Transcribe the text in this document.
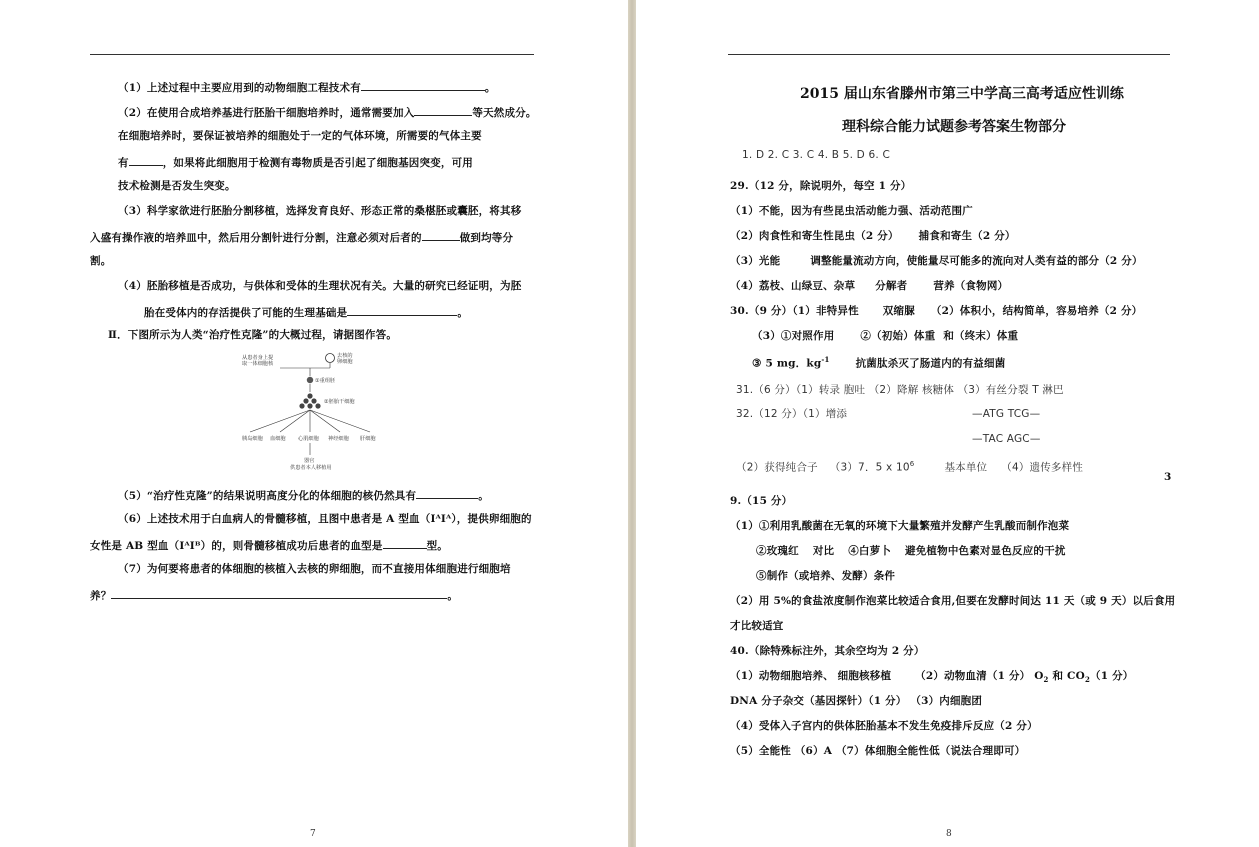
（1）上述过程中主要应用到的动物细胞工程技术有	。
（2）在使用合成培养基进行胚胎干细胞培养时，通常需要加入	等天然成分。
在细胞培养时，要保证被培养的细胞处于一定的气体环境，所需要的气体主要
有	，如果将此细胞用于检测有毒物质是否引起了细胞基因突变，可用
技术检测是否发生突变。
（3）科学家欲进行胚胎分割移植，选择发育良好、形态正常的桑椹胚或囊胚，将其移
入盛有操作液的培养皿中，然后用分割针进行分割，注意必须对后者的	做到均等分
割。
（4）胚胎移植是否成功，与供体和受体的生理状况有关。大量的研究已经证明，为胚
胎在受体内的存活提供了可能的生理基础是	。
Ⅱ．下图所示为人类“治疗性克隆”的大概过程，请据图作答。
从患者身上提
取一体细胞核
去核的
卵细胞
①重组胚
②胚胎干细胞
胰岛细胞 血细胞 心肌细胞 神经细胞 肝细胞
器官
供患者本人移植用
（5）“治疗性克隆”的结果说明高度分化的体细胞的核仍然具有	。
（6）上述技术用于白血病人的骨髓移植，且图中患者是 A 型血（IᴬIᴬ），提供卵细胞的
女性是 AB 型血（IᴬIᴮ）的，则骨髓移植成功后患者的血型是	型。
（7）为何要将患者的体细胞的核植入去核的卵细胞，而不直接用体细胞进行细胞培
养？	。
7
2015 届山东省滕州市第三中学高三高考适应性训练
理科综合能力试题参考答案生物部分
1. D 2. C 3. C 4. B 5. D 6. C
29.（12 分，除说明外，每空 1 分）
（1）不能，因为有些昆虫活动能力强、活动范围广
（2）肉食性和寄生性昆虫（2 分） 捕食和寄生（2 分）
（3）光能	调整能量流动方向，使能量尽可能多的流向对人类有益的部分（2 分）
（4）荔枝、山绿豆、杂草 分解者 营养（食物网）
30.（9 分）（1）非特异性 双缩脲 （2）体积小，结构简单，容易培养（2 分）
（3）①对照作用 ②（初始）体重 和（终末）体重
③ 5 mg．$kg^{-1}$ 抗菌肽杀灭了肠道内的有益细菌
31.（6 分）（1）转录 胞吐 （2）降解 核糖体 （3）有丝分裂 T 淋巴
32.（12 分）（1）增添	—ATG TCG—
—TAC AGC—
（2）获得纯合子 （3）7．5 x $10^6$	基本单位 （4）遗传多样性
3
9.（15 分）
（1）①利用乳酸菌在无氧的环境下大量繁殖并发酵产生乳酸而制作泡菜
②玫瑰红 对比 ④白萝卜 避免植物中色素对显色反应的干扰
⑤制作（或培养、发酵）条件
（2）用 5%的食盐浓度制作泡菜比较适合食用,但要在发酵时间达 11 天（或 9 天）以后食用
才比较适宜
40.（除特殊标注外，其余空均为 2 分）
（1）动物细胞培养、 细胞核移植 （2）动物血清（1 分） $O_2$ 和 $CO_2(1$ 分）
DNA 分子杂交（基因探针）（1 分） （3）内细胞团
（4）受体入子宫内的供体胚胎基本不发生免疫排斥反应（2 分）
（5）全能性 （6）A （7）体细胞全能性低（说法合理即可）
8
